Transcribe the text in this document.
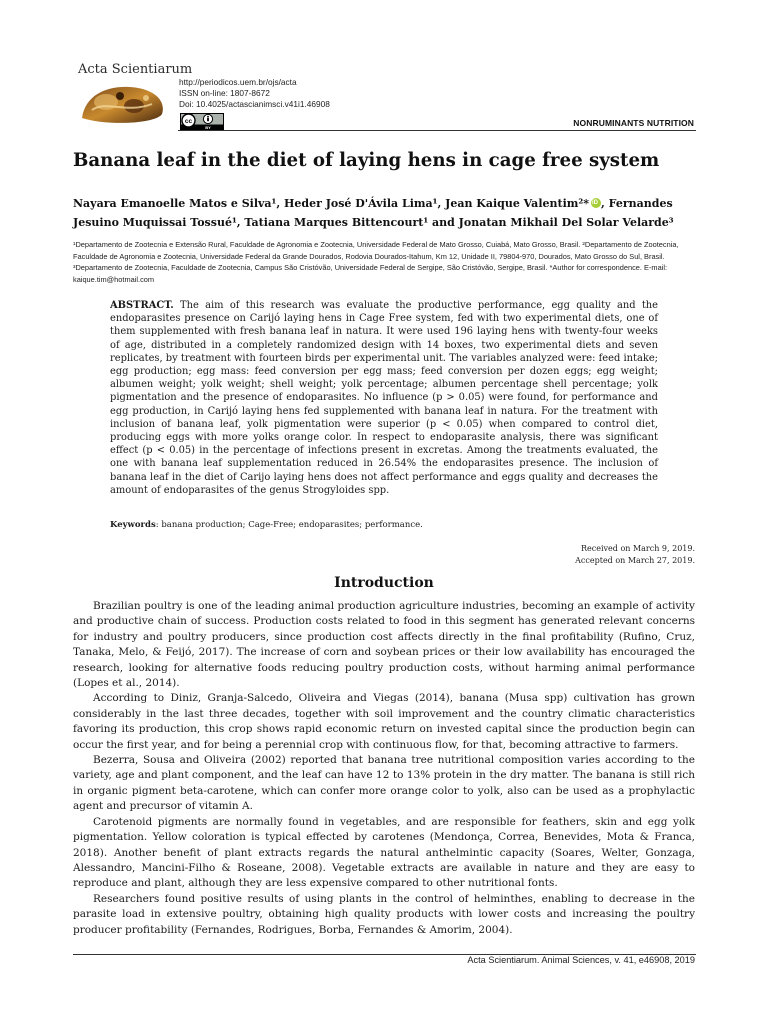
Acta Scientiarum
http://periodicos.uem.br/ojs/acta
ISSN on-line: 1807-8672
Doi: 10.4025/actascianimsci.v41i1.46908
cc
BY	NONRUMINANTS NUTRITION
Banana leaf in the diet of laying hens in cage free system
Nayara Emanoelle Matos e Silva¹, Heder José D'Ávila Lima¹, Jean Kaique Valentim²*iD , Fernandes
Jesuino Muquissai Tossué¹, Tatiana Marques Bittencourt¹ and Jonatan Mikhail Del Solar Velarde³
¹Departamento de Zootecnia e Extensão Rural, Faculdade de Agronomia e Zootecnia, Universidade Federal de Mato Grosso, Cuiabá, Mato Grosso, Brasil. ²Departamento de Zootecnia, Faculdade de Agronomia e Zootecnia, Universidade Federal da Grande Dourados, Rodovia Dourados-Itahum, Km 12, Unidade II, 79804-970, Dourados, Mato Grosso do Sul, Brasil. ³Departamento de Zootecnia, Faculdade de Zootecnia, Campus São Cristóvão, Universidade Federal de Sergipe, São Cristóvão, Sergipe, Brasil. *Author for correspondence. E-mail: kaique.tim@hotmail.com
ABSTRACT. The aim of this research was evaluate the productive performance, egg quality and the endoparasites presence on Carijó laying hens in Cage Free system, fed with two experimental diets, one of them supplemented with fresh banana leaf in natura. It were used 196 laying hens with twenty-four weeks of age, distributed in a completely randomized design with 14 boxes, two experimental diets and seven replicates, by treatment with fourteen birds per experimental unit. The variables analyzed were: feed intake; egg production; egg mass: feed conversion per egg mass; feed conversion per dozen eggs; egg weight; albumen weight; yolk weight; shell weight; yolk percentage; albumen percentage shell percentage; yolk pigmentation and the presence of endoparasites. No influence (p > 0.05) were found, for performance and egg production, in Carijó laying hens fed supplemented with banana leaf in natura. For the treatment with inclusion of banana leaf, yolk pigmentation were superior (p < 0.05) when compared to control diet, producing eggs with more yolks orange color. In respect to endoparasite analysis, there was significant effect (p < 0.05) in the percentage of infections present in excretas. Among the treatments evaluated, the one with banana leaf supplementation reduced in 26.54% the endoparasites presence. The inclusion of banana leaf in the diet of Carijo laying hens does not affect performance and eggs quality and decreases the amount of endoparasites of the genus Strogyloides spp.
Keywords: banana production; Cage-Free; endoparasites; performance.
Received on March 9, 2019.
Accepted on March 27, 2019.
Introduction

Brazilian poultry is one of the leading animal production agriculture industries, becoming an example of activity and productive chain of success. Production costs related to food in this segment has generated relevant concerns for industry and poultry producers, since production cost affects directly in the final profitability (Rufino, Cruz, Tanaka, Melo, & Feijó, 2017). The increase of corn and soybean prices or their low availability has encouraged the research, looking for alternative foods reducing poultry production costs, without harming animal performance (Lopes et al., 2014).

According to Diniz, Granja-Salcedo, Oliveira and Viegas (2014), banana (Musa spp) cultivation has grown considerably in the last three decades, together with soil improvement and the country climatic characteristics favoring its production, this crop shows rapid economic return on invested capital since the production begin can occur the first year, and for being a perennial crop with continuous flow, for that, becoming attractive to farmers.

Bezerra, Sousa and Oliveira (2002) reported that banana tree nutritional composition varies according to the variety, age and plant component, and the leaf can have 12 to 13% protein in the dry matter. The banana is still rich in organic pigment beta-carotene, which can confer more orange color to yolk, also can be used as a prophylactic agent and precursor of vitamin A.

Carotenoid pigments are normally found in vegetables, and are responsible for feathers, skin and egg yolk pigmentation. Yellow coloration is typical effected by carotenes (Mendonça, Correa, Benevides, Mota & Franca, 2018). Another benefit of plant extracts regards the natural anthelmintic capacity (Soares, Welter, Gonzaga, Alessandro, Mancini-Filho & Roseane, 2008). Vegetable extracts are available in nature and they are easy to reproduce and plant, although they are less expensive compared to other nutritional fonts.

Researchers found positive results of using plants in the control of helminthes, enabling to decrease in the parasite load in extensive poultry, obtaining high quality products with lower costs and increasing the poultry producer profitability (Fernandes, Rodrigues, Borba, Fernandes & Amorim, 2004).

Acta Scientiarum. Animal Sciences, v. 41, e46908, 2019
